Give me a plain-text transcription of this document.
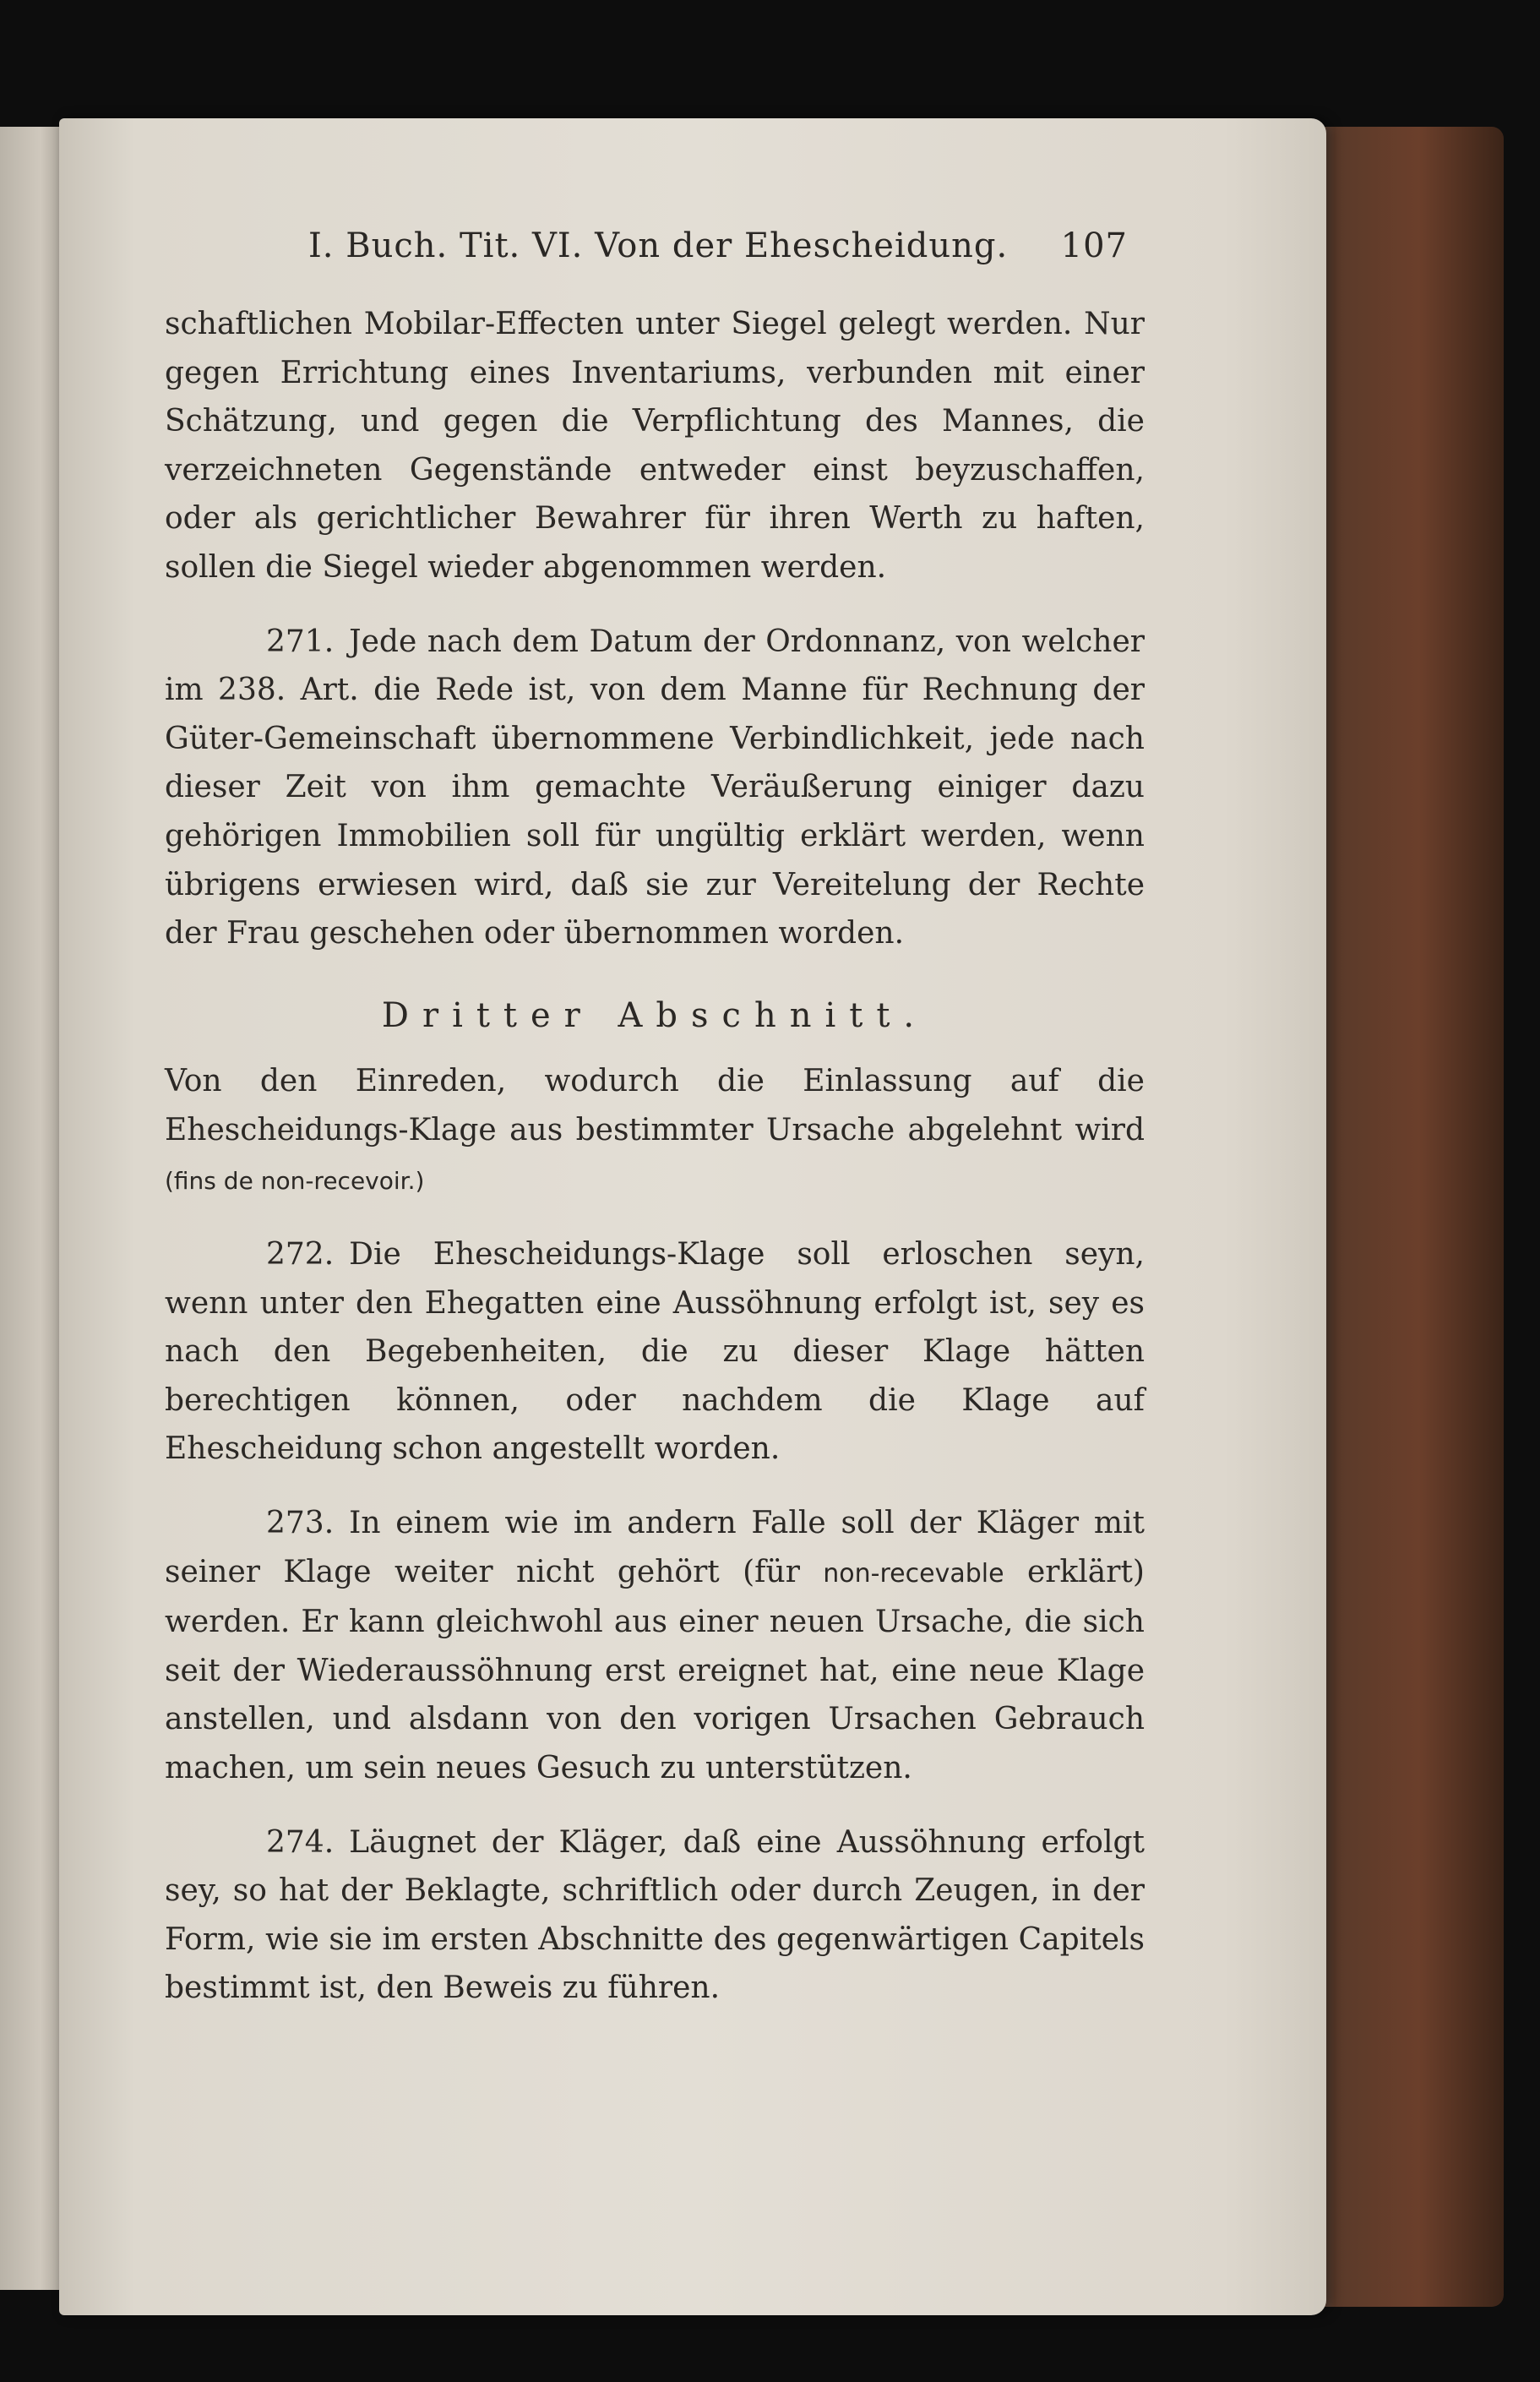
I. Buch. Tit. VI. Von der Ehescheidung. 107

schaftlichen Mobilar-Effecten unter Siegel gelegt werden. Nur gegen Errichtung eines Inventariums, verbunden mit einer Schätzung, und gegen die Verpflichtung des Mannes, die verzeichneten Gegenstände entweder einst beyzuschaffen, oder als gerichtlicher Bewahrer für ihren Werth zu haften, sollen die Siegel wieder abgenommen werden.

271. Jede nach dem Datum der Ordonnanz, von welcher im 238. Art. die Rede ist, von dem Manne für Rechnung der Güter-Gemeinschaft übernommene Verbindlichkeit, jede nach dieser Zeit von ihm gemachte Veräußerung einiger dazu gehörigen Immobilien soll für ungültig erklärt werden, wenn übrigens erwiesen wird, daß sie zur Vereitelung der Rechte der Frau geschehen oder übernommen worden.

Dritter Abschnitt.

Von den Einreden, wodurch die Einlassung auf die Ehescheidungs-Klage aus bestimmter Ursache abgelehnt wird (fins de non-recevoir.)

272. Die Ehescheidungs-Klage soll erloschen seyn, wenn unter den Ehegatten eine Aussöhnung erfolgt ist, sey es nach den Begebenheiten, die zu dieser Klage hätten berechtigen können, oder nachdem die Klage auf Ehescheidung schon angestellt worden.

273. In einem wie im andern Falle soll der Kläger mit seiner Klage weiter nicht gehört (für non-recevable erklärt) werden. Er kann gleichwohl aus einer neuen Ursache, die sich seit der Wiederaussöhnung erst ereignet hat, eine neue Klage anstellen, und alsdann von den vorigen Ursachen Gebrauch machen, um sein neues Gesuch zu unterstützen.

274. Läugnet der Kläger, daß eine Aussöhnung erfolgt sey, so hat der Beklagte, schriftlich oder durch Zeugen, in der Form, wie sie im ersten Abschnitte des gegenwärtigen Capitels bestimmt ist, den Beweis zu führen.
